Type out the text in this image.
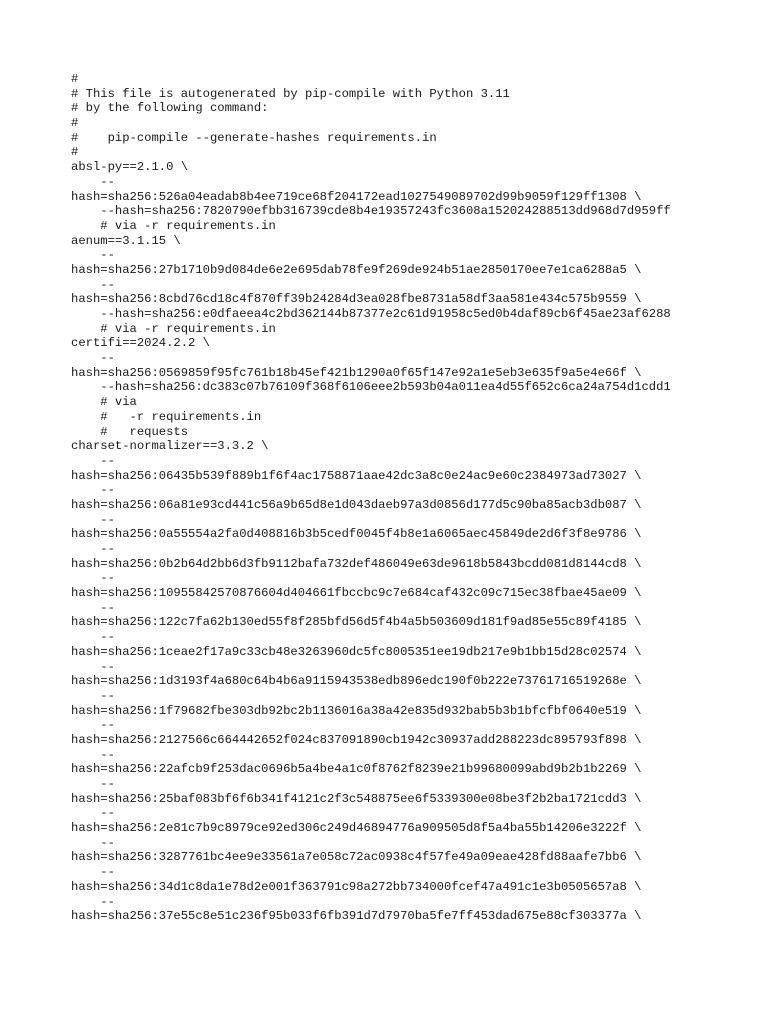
#
# This file is autogenerated by pip-compile with Python 3.11
# by the following command:
#
#    pip-compile --generate-hashes requirements.in
#
absl-py==2.1.0 \
--
hash=sha256:526a04eadab8b4ee719ce68f204172ead1027549089702d99b9059f129ff1308 \
--hash=sha256:7820790efbb316739cde8b4e19357243fc3608a152024288513dd968d7d959ff
# via -r requirements.in
aenum==3.1.15 \
--
hash=sha256:27b1710b9d084de6e2e695dab78fe9f269de924b51ae2850170ee7e1ca6288a5 \
--
hash=sha256:8cbd76cd18c4f870ff39b24284d3ea028fbe8731a58df3aa581e434c575b9559 \
--hash=sha256:e0dfaeea4c2bd362144b87377e2c61d91958c5ed0b4daf89cb6f45ae23af6288
# via -r requirements.in
certifi==2024.2.2 \
--
hash=sha256:0569859f95fc761b18b45ef421b1290a0f65f147e92a1e5eb3e635f9a5e4e66f \
--hash=sha256:dc383c07b76109f368f6106eee2b593b04a011ea4d55f652c6ca24a754d1cdd1
# via
#   -r requirements.in
#   requests
charset-normalizer==3.3.2 \
--
hash=sha256:06435b539f889b1f6f4ac1758871aae42dc3a8c0e24ac9e60c2384973ad73027 \
--
hash=sha256:06a81e93cd441c56a9b65d8e1d043daeb97a3d0856d177d5c90ba85acb3db087 \
--
hash=sha256:0a55554a2fa0d408816b3b5cedf0045f4b8e1a6065aec45849de2d6f3f8e9786 \
--
hash=sha256:0b2b64d2bb6d3fb9112bafa732def486049e63de9618b5843bcdd081d8144cd8 \
--
hash=sha256:10955842570876604d404661fbccbc9c7e684caf432c09c715ec38fbae45ae09 \
--
hash=sha256:122c7fa62b130ed55f8f285bfd56d5f4b4a5b503609d181f9ad85e55c89f4185 \
--
hash=sha256:1ceae2f17a9c33cb48e3263960dc5fc8005351ee19db217e9b1bb15d28c02574 \
--
hash=sha256:1d3193f4a680c64b4b6a9115943538edb896edc190f0b222e73761716519268e \
--
hash=sha256:1f79682fbe303db92bc2b1136016a38a42e835d932bab5b3b1bfcfbf0640e519 \
--
hash=sha256:2127566c664442652f024c837091890cb1942c30937add288223dc895793f898 \
--
hash=sha256:22afcb9f253dac0696b5a4be4a1c0f8762f8239e21b99680099abd9b2b1b2269 \
--
hash=sha256:25baf083bf6f6b341f4121c2f3c548875ee6f5339300e08be3f2b2ba1721cdd3 \
--
hash=sha256:2e81c7b9c8979ce92ed306c249d46894776a909505d8f5a4ba55b14206e3222f \
--
hash=sha256:3287761bc4ee9e33561a7e058c72ac0938c4f57fe49a09eae428fd88aafe7bb6 \
--
hash=sha256:34d1c8da1e78d2e001f363791c98a272bb734000fcef47a491c1e3b0505657a8 \
--
hash=sha256:37e55c8e51c236f95b033f6fb391d7d7970ba5fe7ff453dad675e88cf303377a \
